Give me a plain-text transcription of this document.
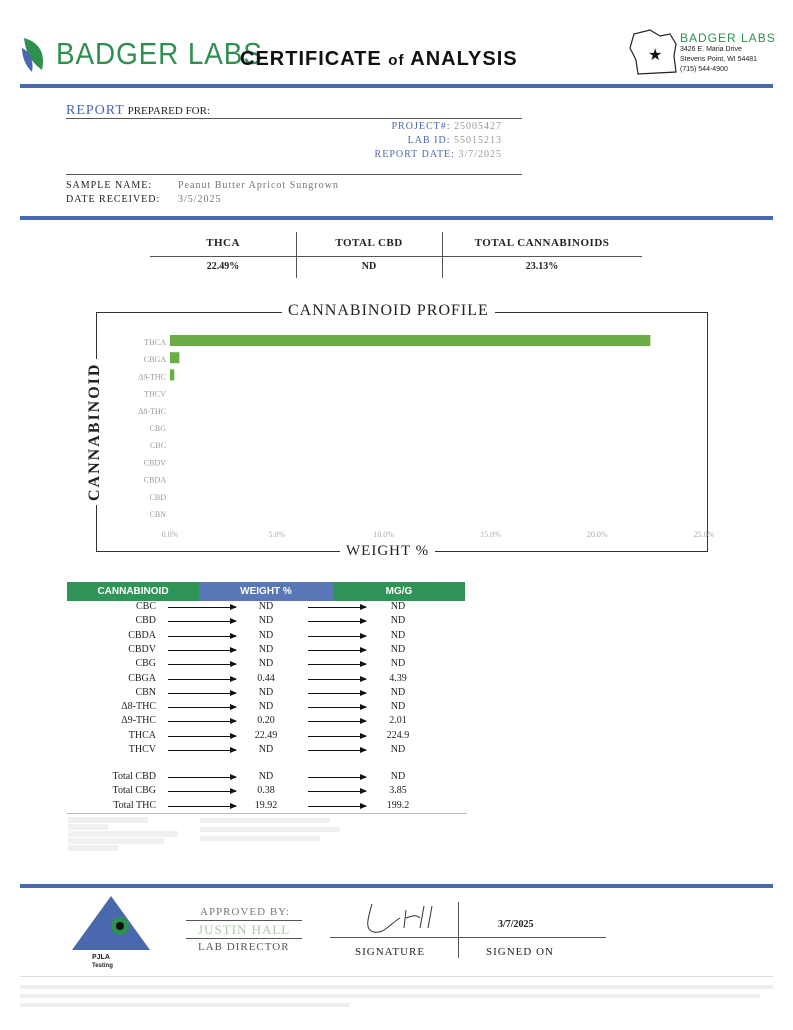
BADGER LABS
CERTIFICATE of ANALYSIS	★
BADGER LABS
3426 E. Maria Drive
Stevens Point, WI 54481
(715) 544-4900
REPORT PREPARED FOR:
PROJECT#: 25005427
LAB ID: 55015213
REPORT DATE: 3/7/2025
SAMPLE NAME:	Peanut Butter Apricot Sungrown
DATE RECEIVED: 3/5/2025
THCA	TOTAL CBD	TOTAL CANNABINOIDS
22.49%	ND	23.13%
CANNABINOID PROFILE
WEIGHT %
CANNABINOID
THCA
CBGA
Δ9-THC
THCV
Δ8-THC
CBG
CBC
CBDV
CBDA
CBD
CBN
0.0%	5.0%	10.0%	15.0%	20.0%	25.0%
CANNABINOID	WEIGHT %	MG/G
CBC	ND	ND
CBD	ND	ND
CBDA	ND	ND
CBDV	ND	ND
CBG	ND	ND
CBGA	0.44	4.39
CBN	ND	ND
Δ8-THC	ND	ND
Δ9-THC	0.20	2.01
THCA	22.49	224.9
THCV	ND	ND
Total CBD	ND	ND
Total CBG	0.38	3.85
Total THC	19.92	199.2
PJLA
Testing
APPROVED BY:
JUSTIN HALL
LAB DIRECTOR	SIGNATURE
3/7/2025
SIGNED ON
